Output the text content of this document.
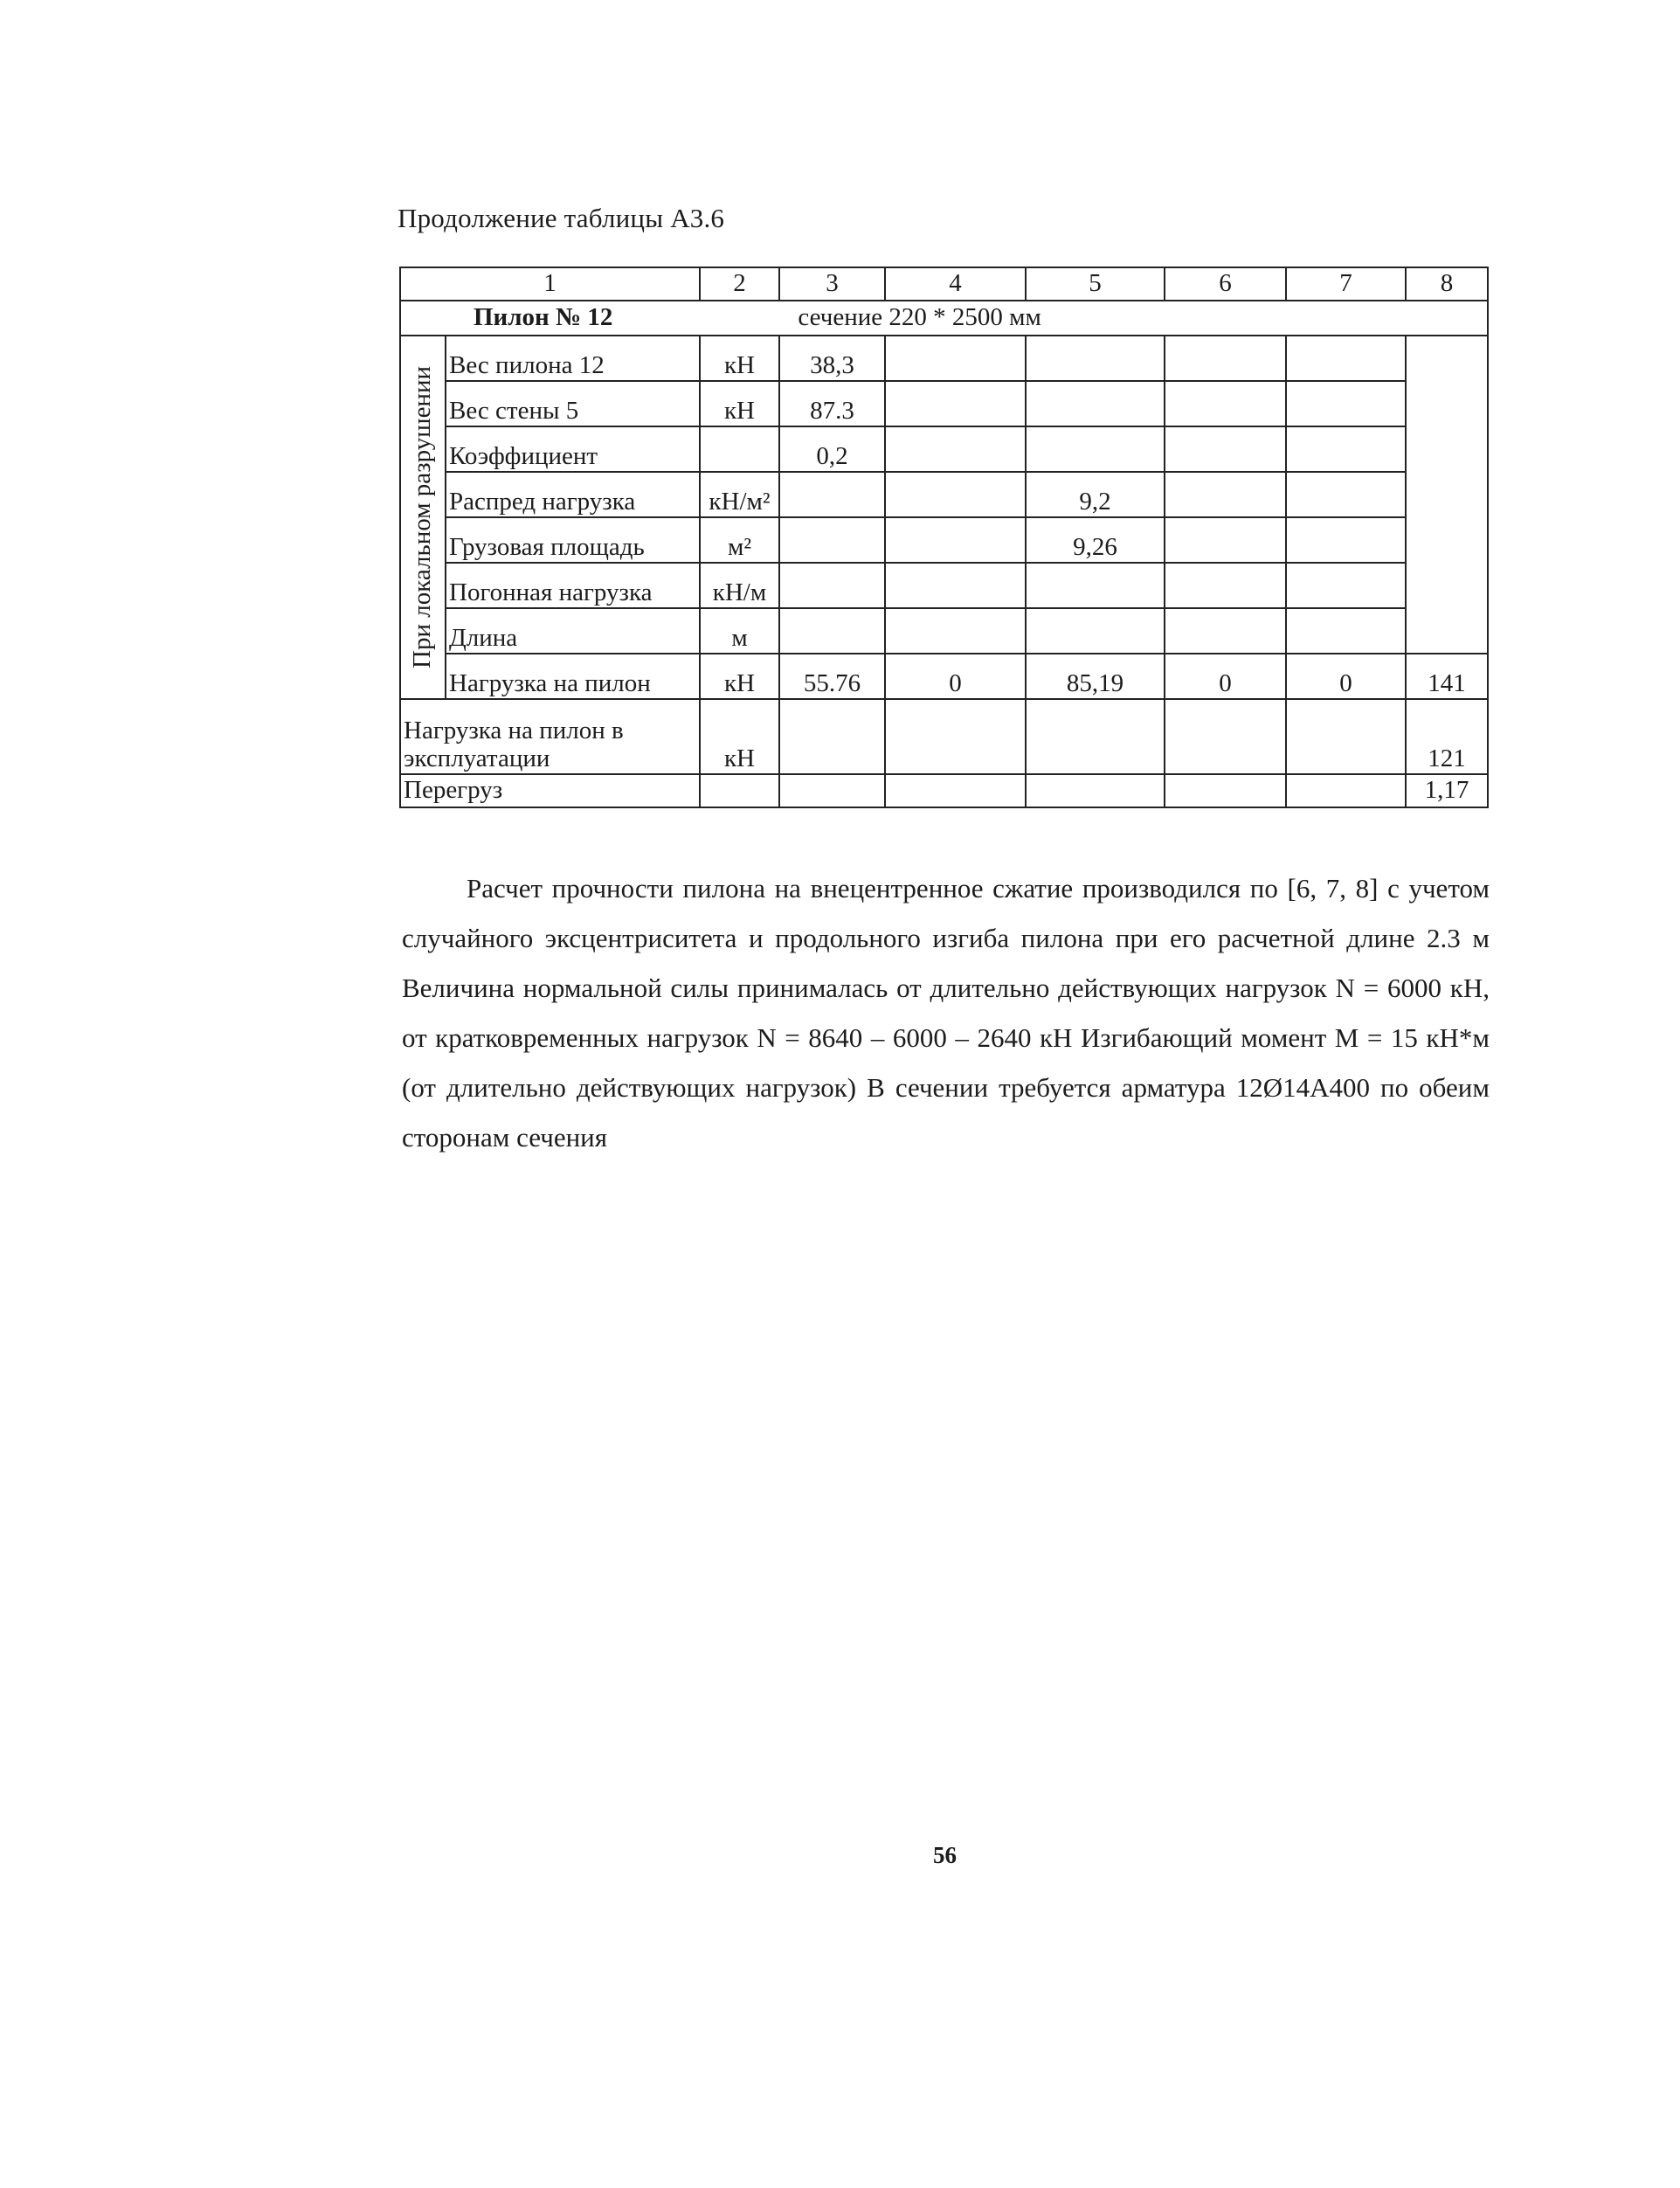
Продолжение таблицы А3.6
1		2	3	4	5	6	7	8
Пилон № 12 сечение 220 * 2500 мм								

При локальном разрушении	Вес пилона 12	кН	38,3					
	Вес стены 5	кН	87.3					
	Коэффициент		0,2					
	Распред нагрузка	кН/м²			9,2			
	Грузовая площадь	м²			9,26			
	Погонная нагрузка	кН/м						
	Длина	м						
	Нагрузка на пилон	кН	55.76	0	85,19	0	0	141
Нагрузка на пилон в эксплуатации		кН						121
Перегруз								1,17

Расчет прочности пилона на внецентренное сжатие производился по [6, 7, 8] с учетом случайного эксцентриситета и продольного изгиба пилона при его расчетной длине 2.3 м Величина нормальной силы принималась от длительно действующих нагрузок N = 6000 кН, от кратковременных нагрузок N = 8640 – 6000 – 2640 кН Изгибающий момент M = 15 кН*м (от длительно действующих нагрузок) В сечении требуется арматура 12Ø14А400 по обеим сторонам сечения

56
